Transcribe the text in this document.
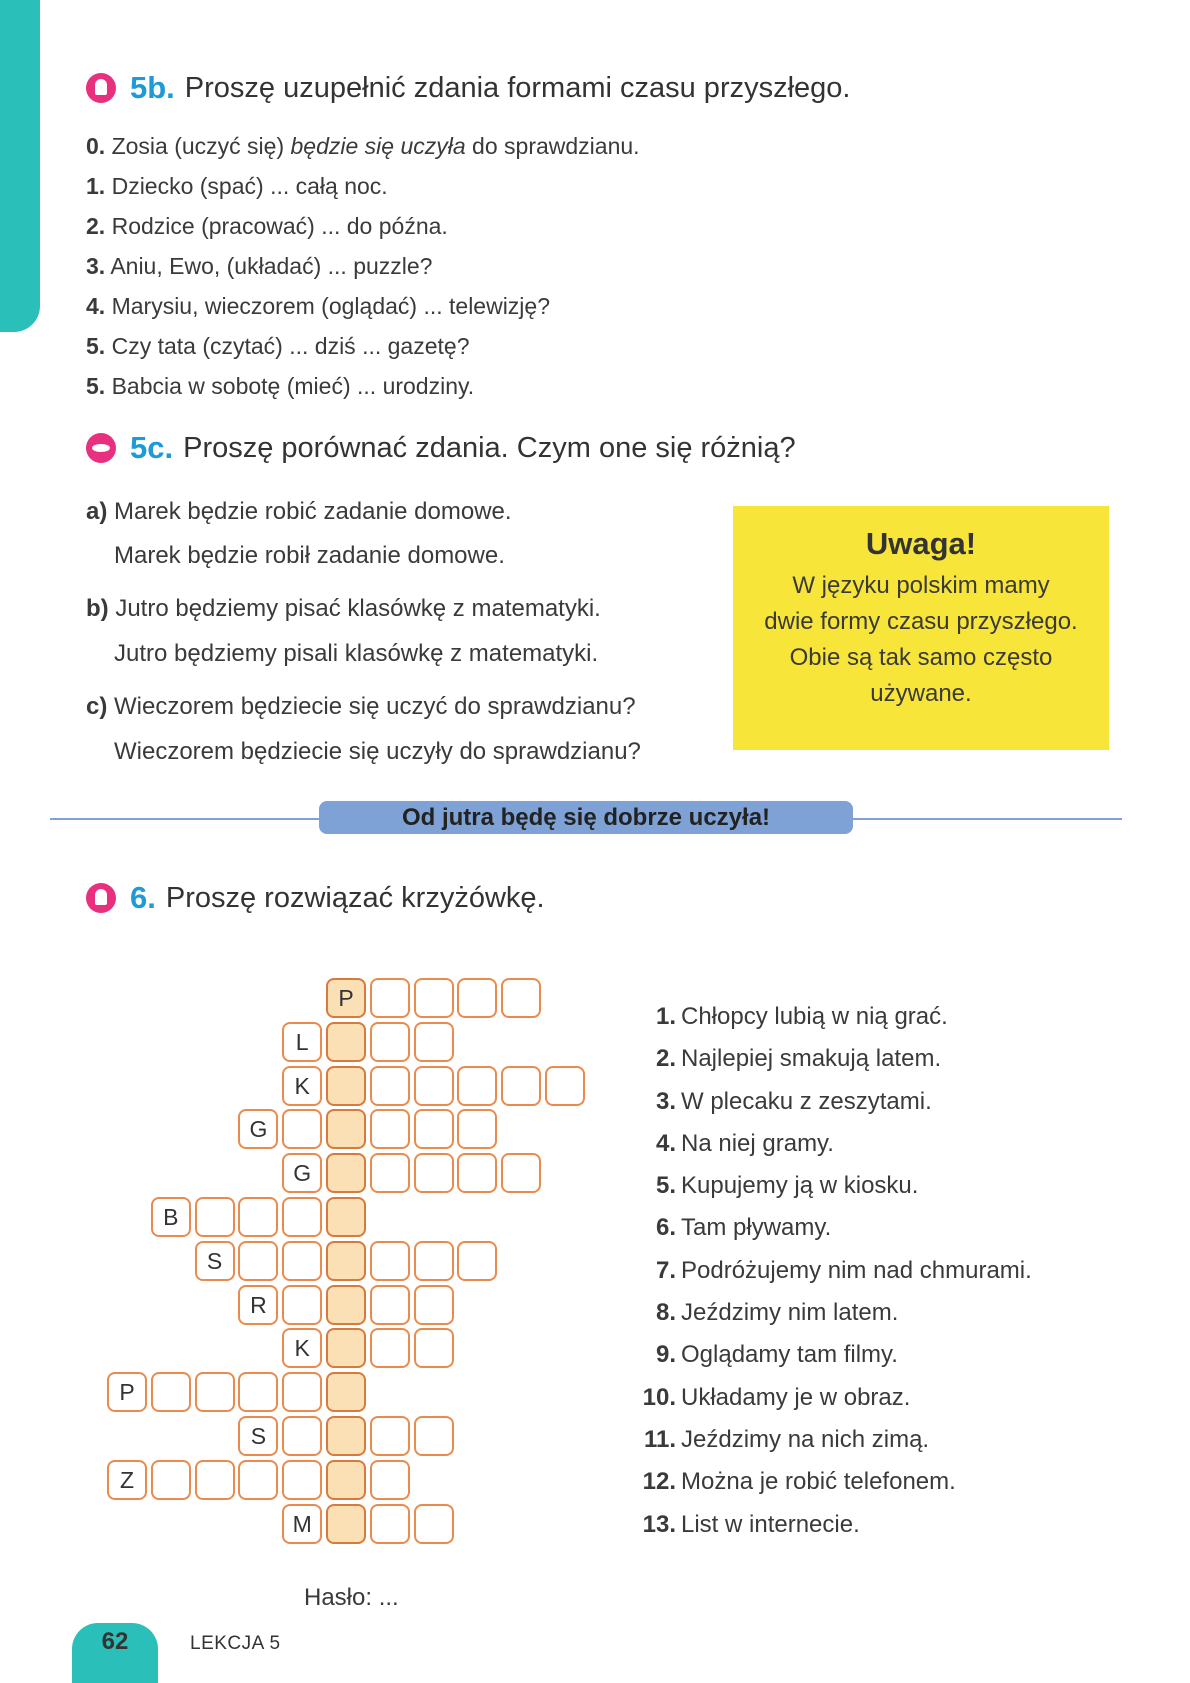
5b. Proszę uzupełnić zdania formami czasu przyszłego.
0. Zosia (uczyć się) będzie się uczyła do sprawdzianu.
1. Dziecko (spać) ... całą noc.
2. Rodzice (pracować) ... do późna.
3. Aniu, Ewo, (układać) ... puzzle?
4. Marysiu, wieczorem (oglądać) ... telewizję?
5. Czy tata (czytać) ... dziś ... gazetę?
5. Babcia w sobotę (mieć) ... urodziny.
5c. Proszę porównać zdania. Czym one się różnią?
a) Marek będzie robić zadanie domowe.
Marek będzie robił zadanie domowe.
b) Jutro będziemy pisać klasówkę z matematyki.
Jutro będziemy pisali klasówkę z matematyki.
c) Wieczorem będziecie się uczyć do sprawdzianu?
Wieczorem będziecie się uczyły do sprawdzianu?
Uwaga!
W języku polskim mamy
dwie formy czasu przyszłego.
Obie są tak samo często
używane.
Od jutra będę się dobrze uczyła!
6. Proszę rozwiązać krzyżówkę.
P
L
K
G
G
B
S
R
K
P
S
Z
M
1. Chłopcy lubią w nią grać.
2. Najlepiej smakują latem.
3. W plecaku z zeszytami.
4. Na niej gramy.
5. Kupujemy ją w kiosku.
6. Tam pływamy.
7. Podróżujemy nim nad chmurami.
8. Jeździmy nim latem.
9. Oglądamy tam filmy.
10. Układamy je w obraz.
11. Jeździmy na nich zimą.
12. Można je robić telefonem.
13. List w internecie.
Hasło: ...
62	LEKCJA 5
